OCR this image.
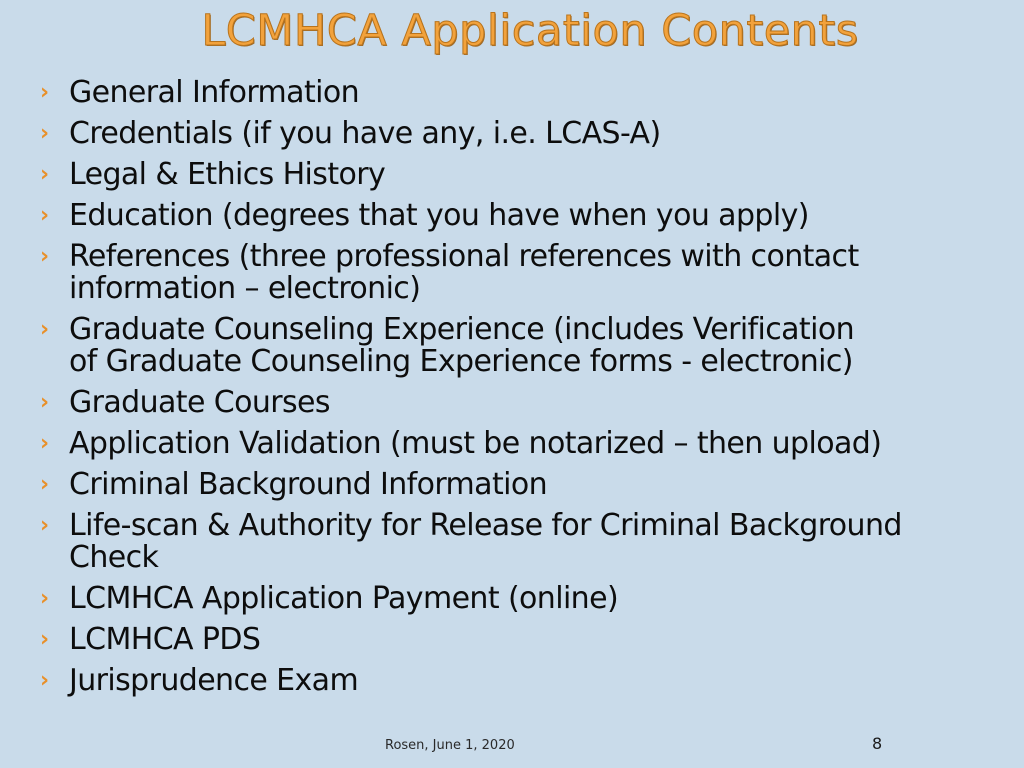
LCMHCA Application Contents
› General Information
› Credentials (if you have any, i.e. LCAS-A)
› Legal & Ethics History
› Education (degrees that you have when you apply)
› References (three professional references with contact
information – electronic)
› Graduate Counseling Experience (includes Verification
of Graduate Counseling Experience forms - electronic)
› Graduate Courses
› Application Validation (must be notarized – then upload)
› Criminal Background Information
› Life-scan & Authority for Release for Criminal Background
Check
› LCMHCA Application Payment (online)
› LCMHCA PDS
› Jurisprudence Exam
Rosen, June 1, 2020	8
